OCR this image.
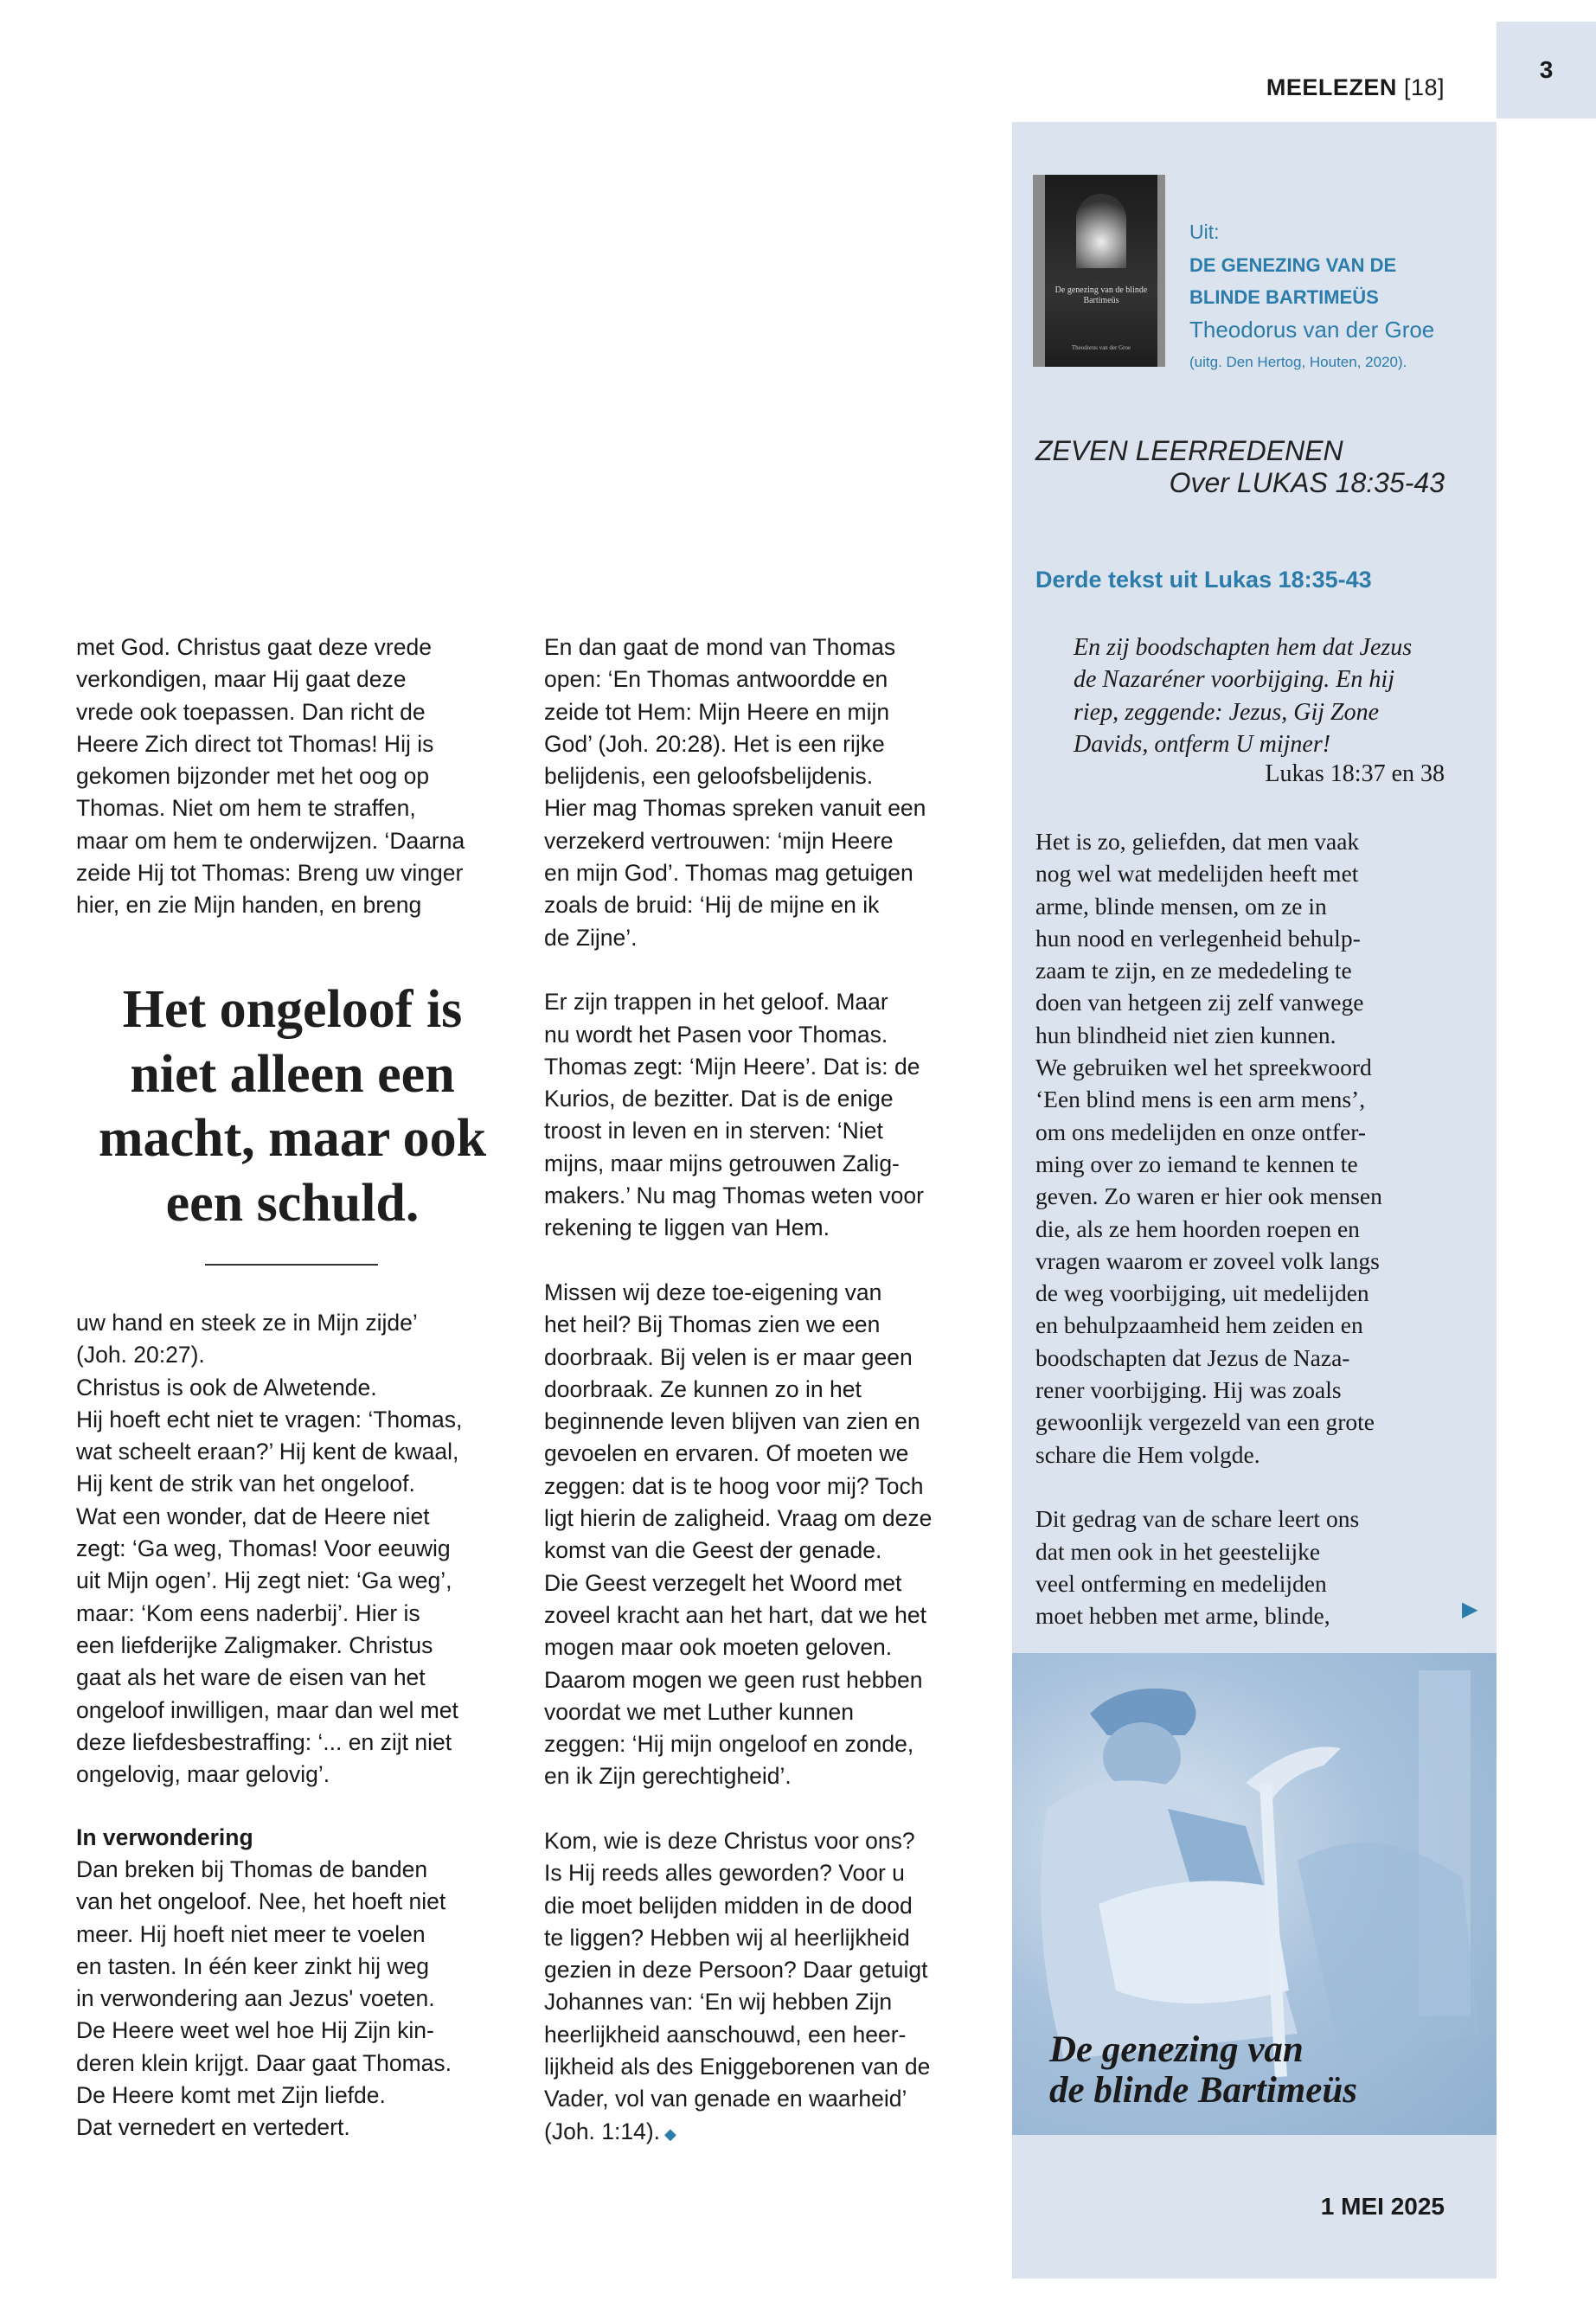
3
MEELEZEN [18]
De genezing van de blinde Bartimeüs
Theodorus van der Groe
Uit:
DE GENEZING VAN DE
BLINDE BARTIMEÜS
Theodorus van der Groe
(uitg. Den Hertog, Houten, 2020).
ZEVEN LEERREDENEN
Over LUKAS 18:35-43
Derde tekst uit Lukas 18:35-43
En zij boodschapten hem dat Jezus
de Nazaréner voorbijging. En hij
riep, zeggende: Jezus, Gij Zone
Davids, ontferm U mijner!
Lukas 18:37 en 38
Het is zo, geliefden, dat men vaak
nog wel wat medelijden heeft met
arme, blinde mensen, om ze in
hun nood en verlegenheid behulp-
zaam te zijn, en ze mededeling te
doen van hetgeen zij zelf vanwege
hun blindheid niet zien kunnen.
We gebruiken wel het spreekwoord
‘Een blind mens is een arm mens’,
om ons medelijden en onze ontfer-
ming over zo iemand te kennen te
geven. Zo waren er hier ook mensen
die, als ze hem hoorden roepen en
vragen waarom er zoveel volk langs
de weg voorbijging, uit medelijden
en behulpzaamheid hem zeiden en
boodschapten dat Jezus de Naza-
rener voorbijging. Hij was zoals
gewoonlijk vergezeld van een grote
schare die Hem volgde.
Dit gedrag van de schare leert ons
dat men ook in het geestelijke
veel ontferming en medelijden
moet hebben met arme, blinde,	▶
De genezing van
de blinde Bartimeüs
1 MEI 2025
met God. Christus gaat deze vrede
verkondigen, maar Hij gaat deze
vrede ook toepassen. Dan richt de
Heere Zich direct tot Thomas! Hij is
gekomen bijzonder met het oog op
Thomas. Niet om hem te straffen,
maar om hem te onderwijzen. ‘Daarna
zeide Hij tot Thomas: Breng uw vinger
hier, en zie Mijn handen, en breng
Het ongeloof is
niet alleen een
macht, maar ook
een schuld.
uw hand en steek ze in Mijn zijde’
(Joh. 20:27).
Christus is ook de Alwetende.
Hij hoeft echt niet te vragen: ‘Thomas,
wat scheelt eraan?’ Hij kent de kwaal,
Hij kent de strik van het ongeloof.
Wat een wonder, dat de Heere niet
zegt: ‘Ga weg, Thomas! Voor eeuwig
uit Mijn ogen’. Hij zegt niet: ‘Ga weg’,
maar: ‘Kom eens naderbij’. Hier is
een liefderijke Zaligmaker. Christus
gaat als het ware de eisen van het
ongeloof inwilligen, maar dan wel met
deze liefdesbestraffing: ‘... en zijt niet
ongelovig, maar gelovig’.
In verwondering
Dan breken bij Thomas de banden
van het ongeloof. Nee, het hoeft niet
meer. Hij hoeft niet meer te voelen
en tasten. In één keer zinkt hij weg
in verwondering aan Jezus' voeten.
De Heere weet wel hoe Hij Zijn kin-
deren klein krijgt. Daar gaat Thomas.
De Heere komt met Zijn liefde.
Dat vernedert en vertedert.
En dan gaat de mond van Thomas
open: ‘En Thomas antwoordde en
zeide tot Hem: Mijn Heere en mijn
God’ (Joh. 20:28). Het is een rijke
belijdenis, een geloofsbelijdenis.
Hier mag Thomas spreken vanuit een
verzekerd vertrouwen: ‘mijn Heere
en mijn God’. Thomas mag getuigen
zoals de bruid: ‘Hij de mijne en ik
de Zijne’.
Er zijn trappen in het geloof. Maar
nu wordt het Pasen voor Thomas.
Thomas zegt: ‘Mijn Heere’. Dat is: de
Kurios, de bezitter. Dat is de enige
troost in leven en in sterven: ‘Niet
mijns, maar mijns getrouwen Zalig-
makers.’ Nu mag Thomas weten voor
rekening te liggen van Hem.
Missen wij deze toe-eigening van
het heil? Bij Thomas zien we een
doorbraak. Bij velen is er maar geen
doorbraak. Ze kunnen zo in het
beginnende leven blijven van zien en
gevoelen en ervaren. Of moeten we
zeggen: dat is te hoog voor mij? Toch
ligt hierin de zaligheid. Vraag om deze
komst van die Geest der genade.
Die Geest verzegelt het Woord met
zoveel kracht aan het hart, dat we het
mogen maar ook moeten geloven.
Daarom mogen we geen rust hebben
voordat we met Luther kunnen
zeggen: ‘Hij mijn ongeloof en zonde,
en ik Zijn gerechtigheid’.
Kom, wie is deze Christus voor ons?
Is Hij reeds alles geworden? Voor u
die moet belijden midden in de dood
te liggen? Hebben wij al heerlijkheid
gezien in deze Persoon? Daar getuigt
Johannes van: ‘En wij hebben Zijn
heerlijkheid aanschouwd, een heer-
lijkheid als des Eniggeborenen van de
Vader, vol van genade en waarheid’
(Joh. 1:14). ◆
